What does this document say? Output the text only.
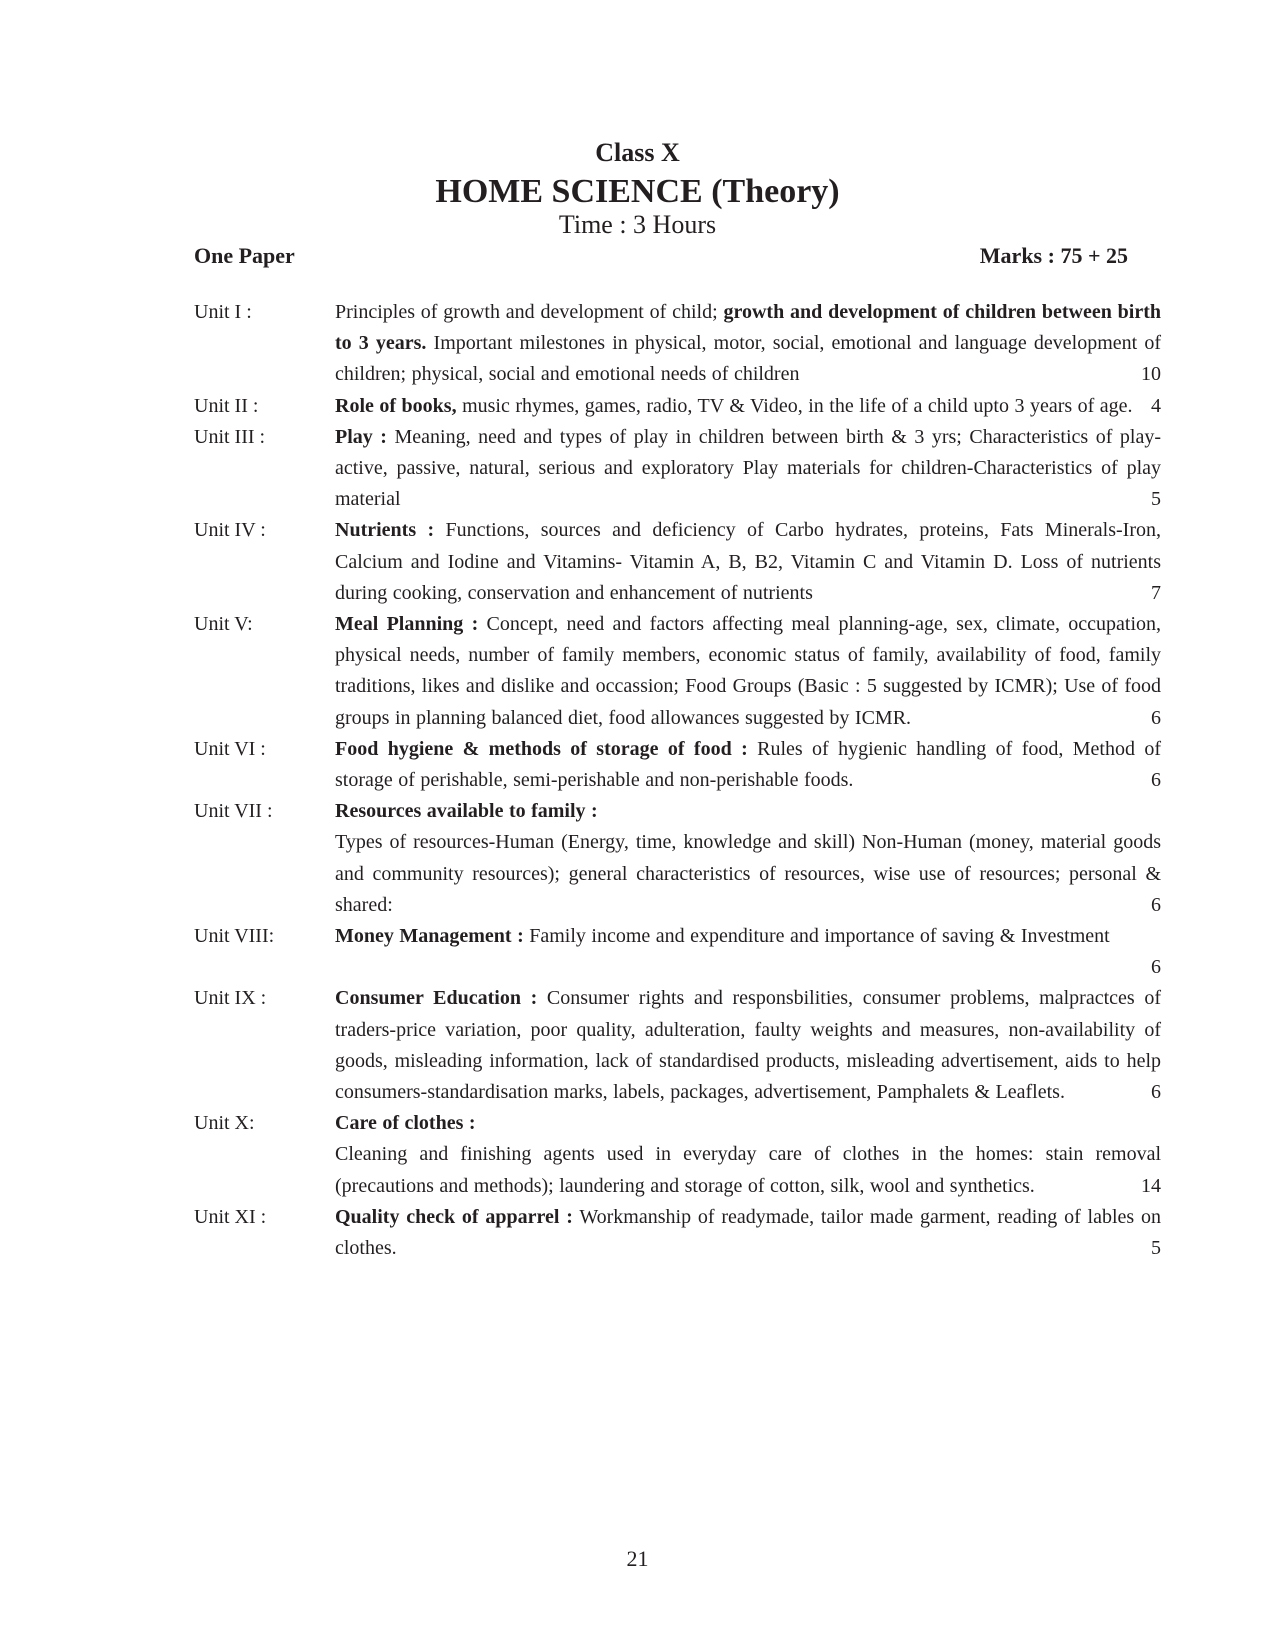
Class X
HOME SCIENCE (Theory)
Time : 3 Hours
One Paper	Marks : 75 + 25
Unit I :	Principles of growth and development of child; growth and development of children between birth to 3 years. Important milestones in physical, motor, social, emotional and language development of children; physical, social and emotional needs of children	10
Unit II :	Role of books, music rhymes, games, radio, TV & Video, in the life of a child upto 3 years of age. 4
Unit III :	Play : Meaning, need and types of play in children between birth & 3 yrs; Characteristics of play-active, passive, natural, serious and exploratory Play materials for children-Characteristics of play material	5
Unit IV :	Nutrients : Functions, sources and deficiency of Carbo hydrates, proteins, Fats Minerals-Iron, Calcium and Iodine and Vitamins- Vitamin A, B, B2, Vitamin C and Vitamin D. Loss of nutrients during cooking, conservation and enhancement of nutrients	7
Unit V:	Meal Planning : Concept, need and factors affecting meal planning-age, sex, climate, occupation, physical needs, number of family members, economic status of family, availability of food, family traditions, likes and dislike and occassion; Food Groups (Basic : 5 suggested by ICMR); Use of food groups in planning balanced diet, food allowances suggested by ICMR.	6
Unit VI :	Food hygiene & methods of storage of food : Rules of hygienic handling of food, Method of storage of perishable, semi-perishable and non-perishable foods.	6
Unit VII :	Resources available to family :
Types of resources-Human (Energy, time, knowledge and skill) Non-Human (money, material goods and community resources); general characteristics of resources, wise use of resources; personal & shared:	6
Unit VIII:	Money Management : Family income and expenditure and importance of saving & Investment
6
Unit IX :	Consumer Education : Consumer rights and responsbilities, consumer problems, malpractces of traders-price variation, poor quality, adulteration, faulty weights and measures, non-availability of goods, misleading information, lack of standardised products, misleading advertisement, aids to help consumers-standardisation marks, labels, packages, advertisement, Pamphalets & Leaflets.	6
Unit X:	Care of clothes :
Cleaning and finishing agents used in everyday care of clothes in the homes: stain removal (precautions and methods); laundering and storage of cotton, silk, wool and synthetics.	14
Unit XI :	Quality check of apparrel : Workmanship of readymade, tailor made garment, reading of lables on clothes.	5
21
